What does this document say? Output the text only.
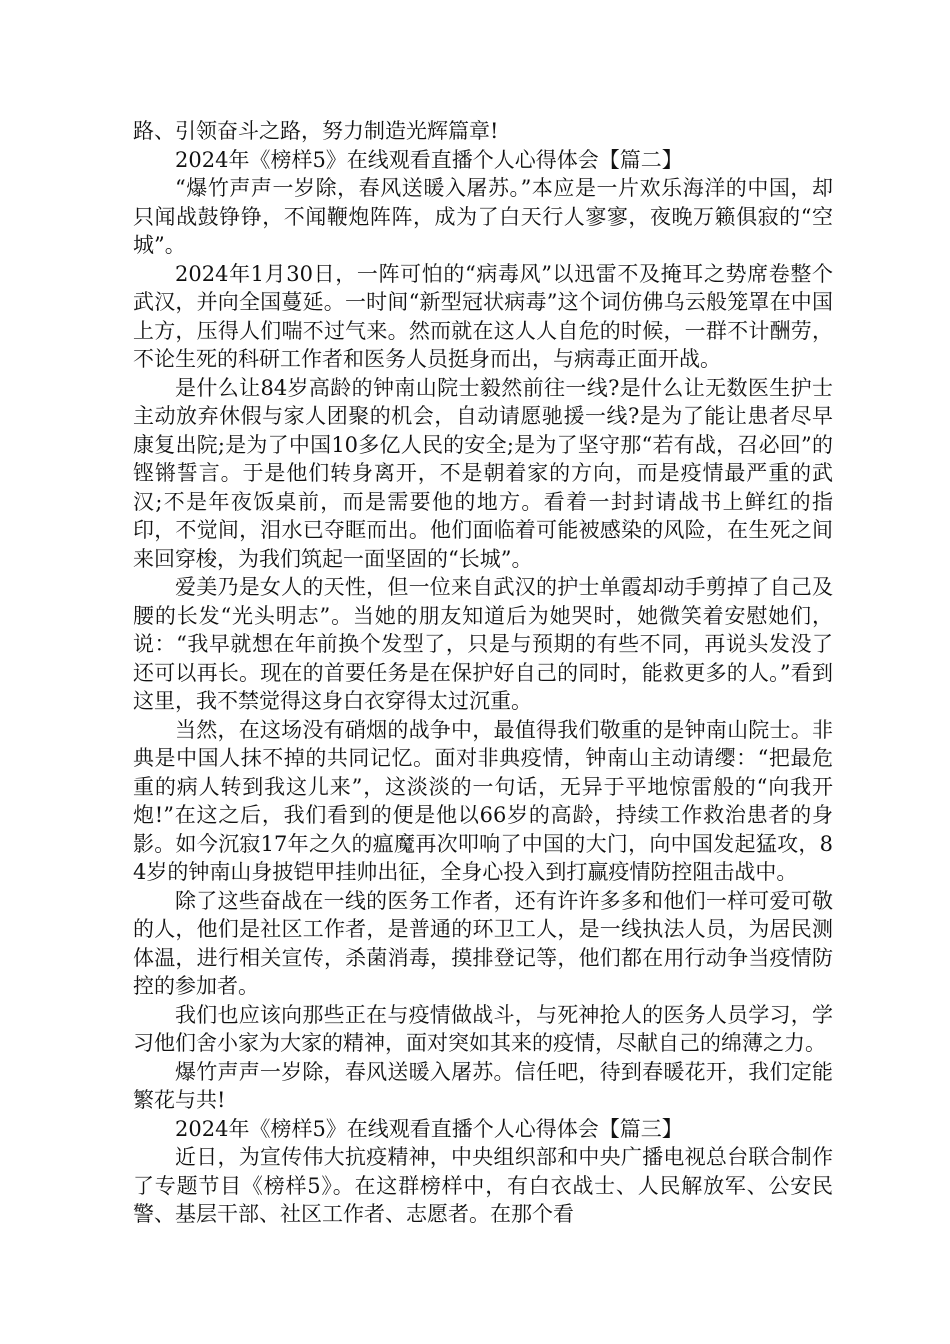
路、引领奋斗之路，努力制造光辉篇章!

2024年《榜样5》在线观看直播个人心得体会【篇二】

“爆竹声声一岁除，春风送暖入屠苏。”本应是一片欢乐海洋的中国，却只闻战鼓铮铮，不闻鞭炮阵阵，成为了白天行人寥寥，夜晚万籁俱寂的“空城”。

2024年1月30日，一阵可怕的“病毒风”以迅雷不及掩耳之势席卷整个武汉，并向全国蔓延。一时间“新型冠状病毒”这个词仿佛乌云般笼罩在中国上方，压得人们喘不过气来。然而就在这人人自危的时候，一群不计酬劳，不论生死的科研工作者和医务人员挺身而出，与病毒正面开战。

是什么让84岁高龄的钟南山院士毅然前往一线?是什么让无数医生护士主动放弃休假与家人团聚的机会，自动请愿驰援一线?是为了能让患者尽早康复出院;是为了中国10多亿人民的安全;是为了坚守那“若有战，召必回”的铿锵誓言。于是他们转身离开，不是朝着家的方向，而是疫情最严重的武汉;不是年夜饭桌前，而是需要他的地方。看着一封封请战书上鲜红的指印，不觉间，泪水已夺眶而出。他们面临着可能被感染的风险，在生死之间来回穿梭，为我们筑起一面坚固的“长城”。

爱美乃是女人的天性，但一位来自武汉的护士单霞却动手剪掉了自己及腰的长发“光头明志”。当她的朋友知道后为她哭时，她微笑着安慰她们，说：“我早就想在年前换个发型了，只是与预期的有些不同，再说头发没了还可以再长。现在的首要任务是在保护好自己的同时，能救更多的人。”看到这里，我不禁觉得这身白衣穿得太过沉重。

当然，在这场没有硝烟的战争中，最值得我们敬重的是钟南山院士。非典是中国人抹不掉的共同记忆。面对非典疫情，钟南山主动请缨：“把最危重的病人转到我这儿来”，这淡淡的一句话，无异于平地惊雷般的“向我开炮!”在这之后，我们看到的便是他以66岁的高龄，持续工作救治患者的身影。如今沉寂17年之久的瘟魔再次叩响了中国的大门，向中国发起猛攻，84岁的钟南山身披铠甲挂帅出征，全身心投入到打赢疫情防控阻击战中。

除了这些奋战在一线的医务工作者，还有许许多多和他们一样可爱可敬的人，他们是社区工作者，是普通的环卫工人，是一线执法人员，为居民测体温，进行相关宣传，杀菌消毒，摸排登记等，他们都在用行动争当疫情防控的参加者。

我们也应该向那些正在与疫情做战斗，与死神抢人的医务人员学习，学习他们舍小家为大家的精神，面对突如其来的疫情，尽献自己的绵薄之力。

爆竹声声一岁除，春风送暖入屠苏。信任吧，待到春暖花开，我们定能繁花与共!

2024年《榜样5》在线观看直播个人心得体会【篇三】

近日，为宣传伟大抗疫精神，中央组织部和中央广播电视总台联合制作了专题节目《榜样5》。在这群榜样中，有白衣战士、人民解放军、公安民警、基层干部、社区工作者、志愿者。在那个看
